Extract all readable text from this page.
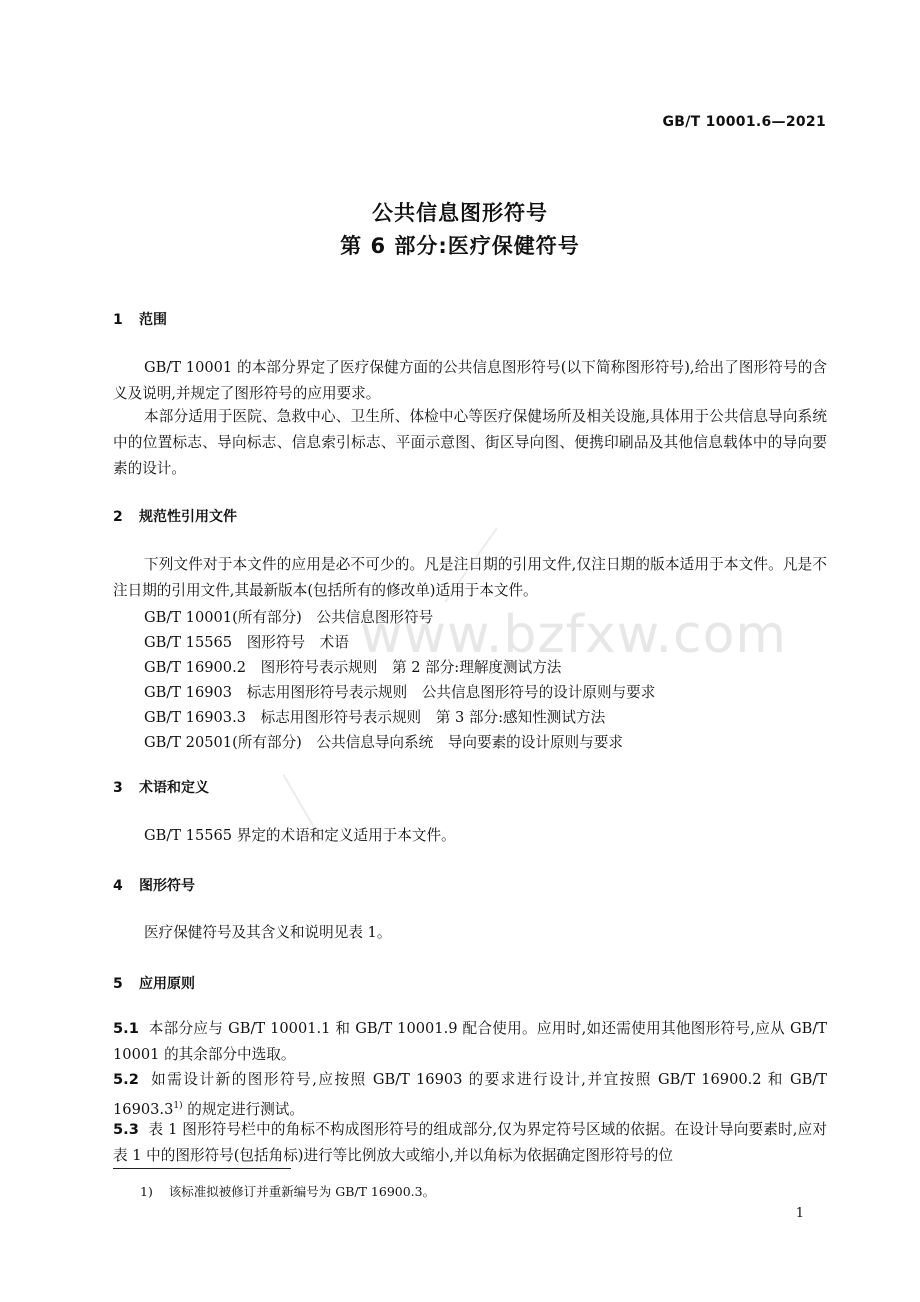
www.bzfxw.com
GB/T 10001.6—2021
公共信息图形符号
第 6 部分:医疗保健符号
1 范围
GB/T 10001 的本部分界定了医疗保健方面的公共信息图形符号(以下简称图形符号),给出了图形符号的含义及说明,并规定了图形符号的应用要求。
本部分适用于医院、急救中心、卫生所、体检中心等医疗保健场所及相关设施,具体用于公共信息导向系统中的位置标志、导向标志、信息索引标志、平面示意图、街区导向图、便携印刷品及其他信息载体中的导向要素的设计。
2 规范性引用文件
下列文件对于本文件的应用是必不可少的。凡是注日期的引用文件,仅注日期的版本适用于本文件。凡是不注日期的引用文件,其最新版本(包括所有的修改单)适用于本文件。
GB/T 10001(所有部分)　公共信息图形符号
GB/T 15565　图形符号　术语
GB/T 16900.2　图形符号表示规则　第 2 部分:理解度测试方法
GB/T 16903　标志用图形符号表示规则　公共信息图形符号的设计原则与要求
GB/T 16903.3　标志用图形符号表示规则　第 3 部分:感知性测试方法
GB/T 20501(所有部分)　公共信息导向系统　导向要素的设计原则与要求
3 术语和定义
GB/T 15565 界定的术语和定义适用于本文件。
4 图形符号
医疗保健符号及其含义和说明见表 1。
5 应用原则
5.1 本部分应与 GB/T 10001.1 和 GB/T 10001.9 配合使用。应用时,如还需使用其他图形符号,应从 GB/T 10001 的其余部分中选取。
5.2 如需设计新的图形符号,应按照 GB/T 16903 的要求进行设计,并宜按照 GB/T 16900.2 和 GB/T 16903.3$^{1)}$ 的规定进行测试。
5.3 表 1 图形符号栏中的角标不构成图形符号的组成部分,仅为界定符号区域的依据。在设计导向要素时,应对表 1 中的图形符号(包括角标)进行等比例放大或缩小,并以角标为依据确定图形符号的位
1) 该标准拟被修订并重新编号为 GB/T 16900.3。
1
